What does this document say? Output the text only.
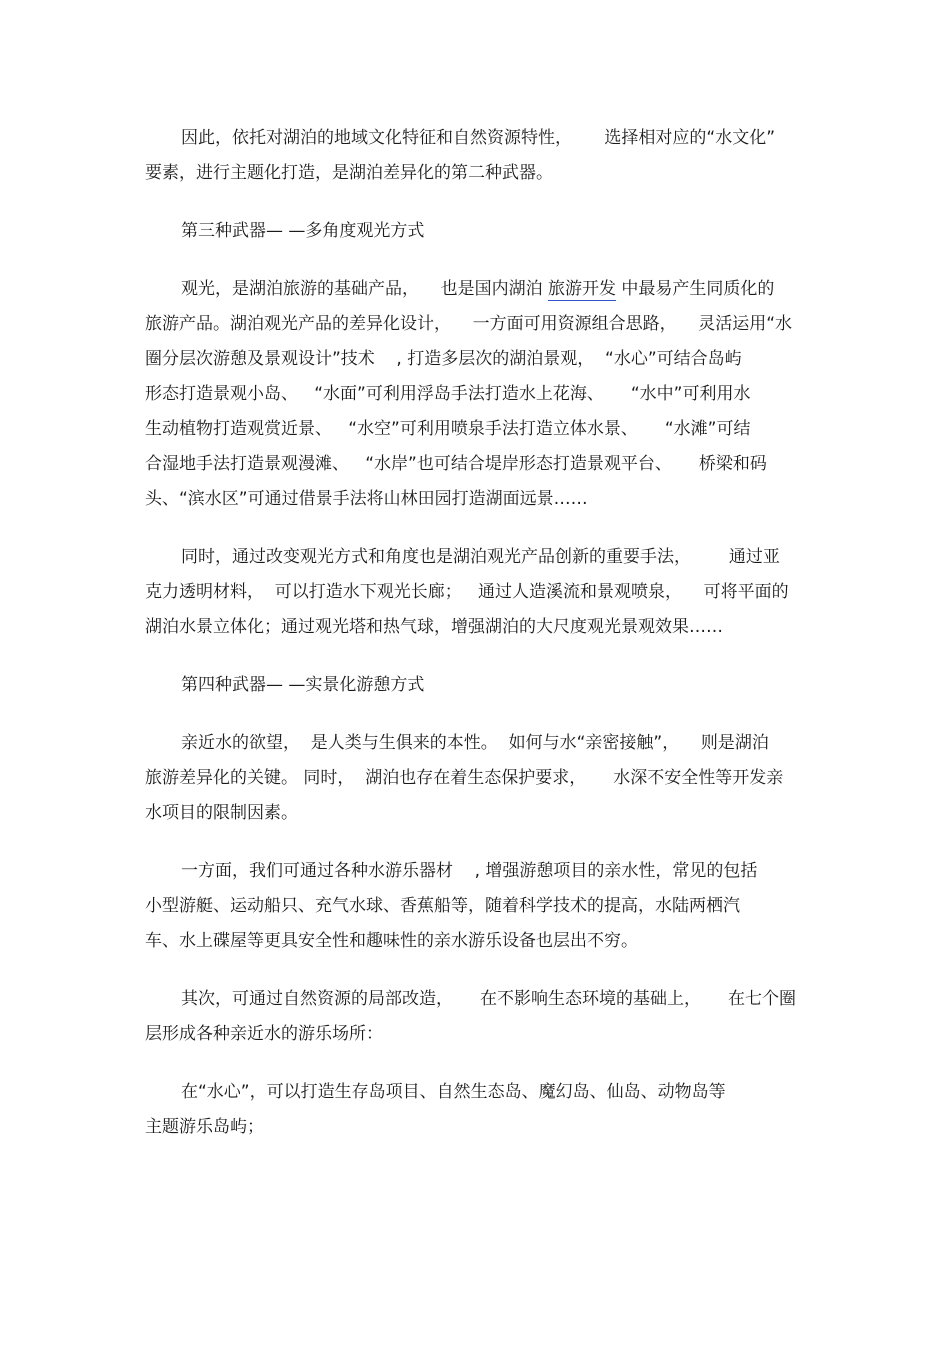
因此，依托对湖泊的地域文化特征和自然资源特性，      选择相对应的“水文化”
要素，进行主题化打造，是湖泊差异化的第二种武器。
第三种武器— —多角度观光方式
观光，是湖泊旅游的基础产品，    也是国内湖泊 旅游开发 中最易产生同质化的
旅游产品。湖泊观光产品的差异化设计，    一方面可用资源组合思路，    灵活运用“水
圈分层次游憩及景观设计”技术    , 打造多层次的湖泊景观，  “水心”可结合岛屿
形态打造景观小岛、   “水面”可利用浮岛手法打造水上花海、     “水中”可利用水
生动植物打造观赏近景、   “水空”可利用喷泉手法打造立体水景、     “水滩”可结
合湿地手法打造景观漫滩、   “水岸”也可结合堤岸形态打造景观平台、     桥梁和码
头、“滨水区”可通过借景手法将山林田园打造湖面远景……
同时，通过改变观光方式和角度也是湖泊观光产品创新的重要手法，       通过亚
克力透明材料，  可以打造水下观光长廊；   通过人造溪流和景观喷泉，    可将平面的
湖泊水景立体化；通过观光塔和热气球，增强湖泊的大尺度观光景观效果……
第四种武器— —实景化游憩方式
亲近水的欲望，  是人类与生俱来的本性。  如何与水“亲密接触”，    则是湖泊
旅游差异化的关键。 同时，  湖泊也存在着生态保护要求，     水深不安全性等开发亲
水项目的限制因素。
一方面，我们可通过各种水游乐器材    , 增强游憩项目的亲水性，常见的包括
小型游艇、运动船只、充气水球、香蕉船等，随着科学技术的提高，水陆两栖汽
车、水上碟屋等更具安全性和趣味性的亲水游乐设备也层出不穷。
其次，可通过自然资源的局部改造，     在不影响生态环境的基础上，     在七个圈
层形成各种亲近水的游乐场所：
在“水心”，可以打造生存岛项目、自然生态岛、魔幻岛、仙岛、动物岛等
主题游乐岛屿；
